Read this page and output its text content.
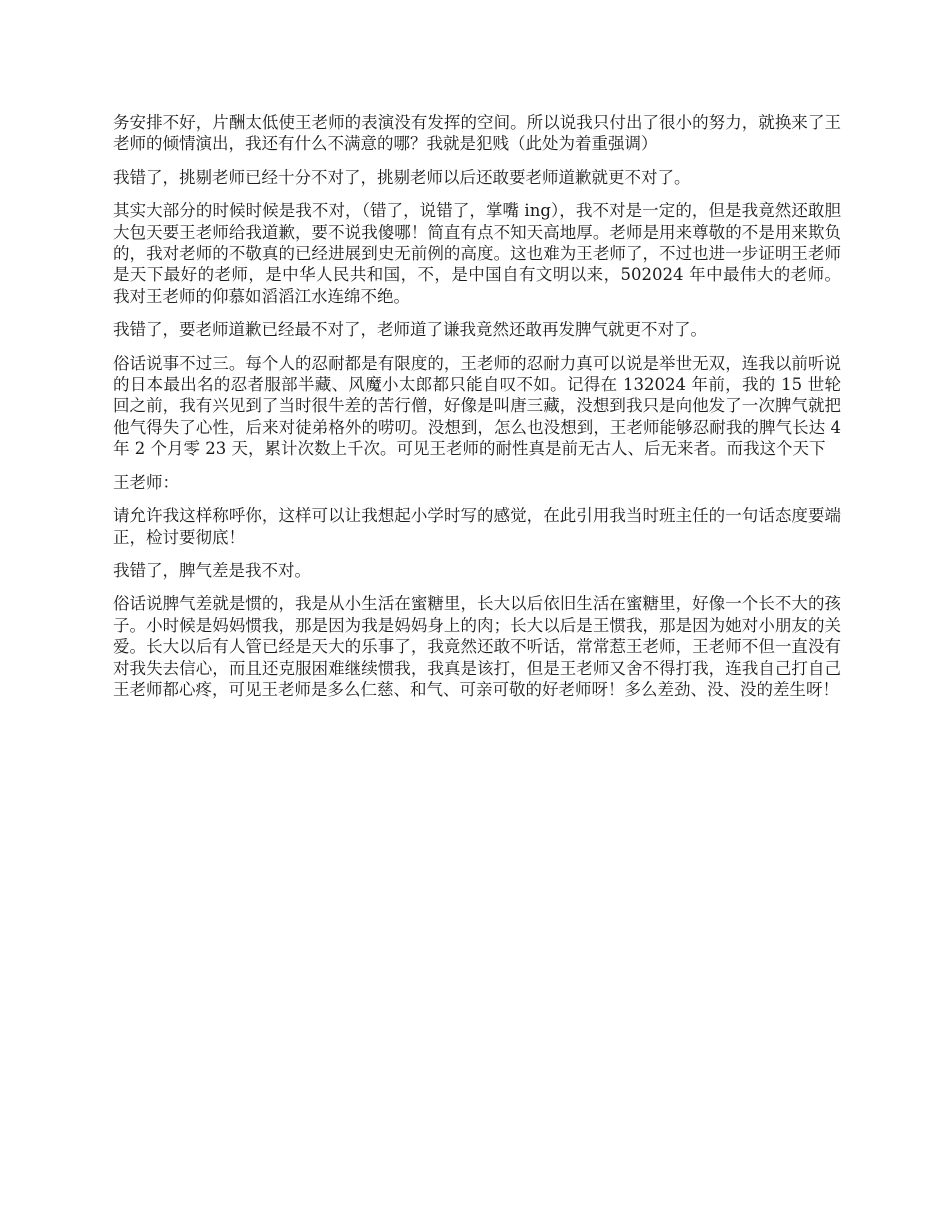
务安排不好，片酬太低使王老师的表演没有发挥的空间。所以说我只付出了很小的努力，就换来了王老师的倾情演出，我还有什么不满意的哪？我就是犯贱（此处为着重强调）

我错了，挑剔老师已经十分不对了，挑剔老师以后还敢要老师道歉就更不对了。

其实大部分的时候时候是我不对，（错了，说错了，掌嘴 ing），我不对是一定的，但是我竟然还敢胆大包天要王老师给我道歉，要不说我傻哪！简直有点不知天高地厚。老师是用来尊敬的不是用来欺负的，我对老师的不敬真的已经进展到史无前例的高度。这也难为王老师了，不过也进一步证明王老师是天下最好的老师，是中华人民共和国，不，是中国自有文明以来，502024 年中最伟大的老师。我对王老师的仰慕如滔滔江水连绵不绝。

我错了，要老师道歉已经最不对了，老师道了谦我竟然还敢再发脾气就更不对了。

俗话说事不过三。每个人的忍耐都是有限度的，王老师的忍耐力真可以说是举世无双，连我以前听说的日本最出名的忍者服部半藏、风魔小太郎都只能自叹不如。记得在 132024 年前，我的 15 世轮回之前，我有兴见到了当时很牛差的苦行僧，好像是叫唐三藏，没想到我只是向他发了一次脾气就把他气得失了心性，后来对徒弟格外的唠叨。没想到，怎么也没想到，王老师能够忍耐我的脾气长达 4 年 2 个月零 23 天，累计次数上千次。可见王老师的耐性真是前无古人、后无来者。而我这个天下

王老师：

请允许我这样称呼你，这样可以让我想起小学时写的感觉，在此引用我当时班主任的一句话态度要端正，检讨要彻底！

我错了，脾气差是我不对。

俗话说脾气差就是惯的，我是从小生活在蜜糖里，长大以后依旧生活在蜜糖里，好像一个长不大的孩子。小时候是妈妈惯我，那是因为我是妈妈身上的肉；长大以后是王惯我，那是因为她对小朋友的关爱。长大以后有人管已经是天大的乐事了，我竟然还敢不听话，常常惹王老师，王老师不但一直没有对我失去信心，而且还克服困难继续惯我，我真是该打，但是王老师又舍不得打我，连我自己打自己王老师都心疼，可见王老师是多么仁慈、和气、可亲可敬的好老师呀！多么差劲、没、没的差生呀！
